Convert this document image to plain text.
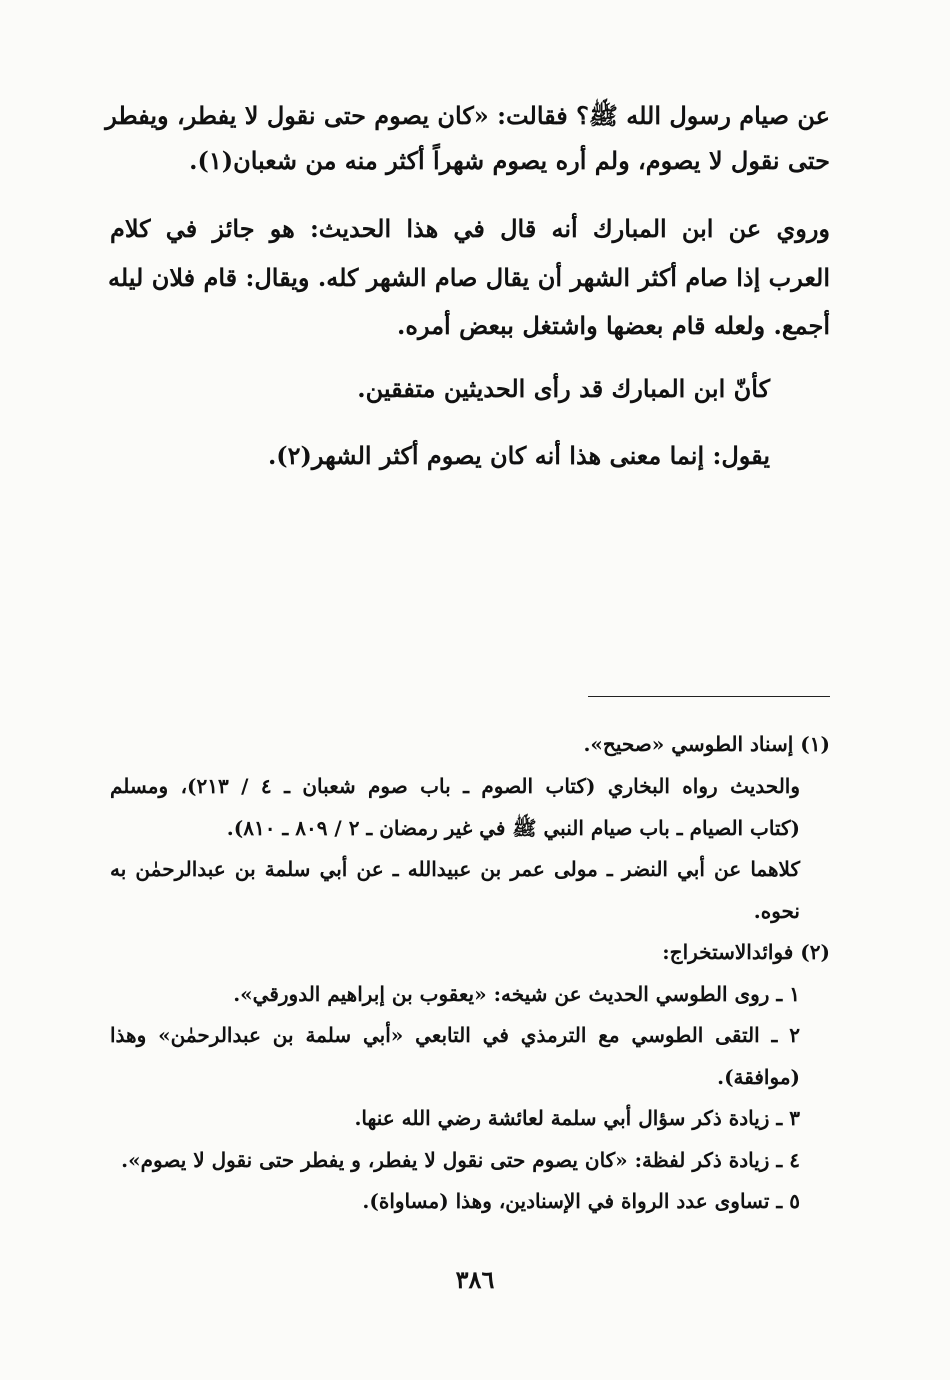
عن صيام رسول الله ﷺ؟ فقالت: «كان يصوم حتى نقول لا يفطر، ويفطر
حتى نقول لا يصوم، ولم أره يصوم شهراً أكثر منه من شعبان(١).
وروي عن ابن المبارك أنه قال في هذا الحديث: هو جائز في كلام
العرب إذا صام أكثر الشهر أن يقال صام الشهر كله. ويقال: قام فلان ليله
أجمع. ولعله قام بعضها واشتغل ببعض أمره.
كأنّ ابن المبارك قد رأى الحديثين متفقين.
يقول: إنما معنى هذا أنه كان يصوم أكثر الشهر(٢).
(١) إسناد الطوسي «صحيح».
والحديث رواه البخاري (كتاب الصوم ـ باب صوم شعبان ـ ٤ / ٢١٣)، ومسلم
(كتاب الصيام ـ باب صيام النبي ﷺ في غير رمضان ـ ٢ / ٨٠٩ ـ ٨١٠).
كلاهما عن أبي النضر ـ مولى عمر بن عبيدالله ـ عن أبي سلمة بن عبدالرحمٰن به
نحوه.
(٢) فوائدالاستخراج:
١ ـ روى الطوسي الحديث عن شيخه: «يعقوب بن إبراهيم الدورقي».
٢ ـ التقى الطوسي مع الترمذي في التابعي «أبي سلمة بن عبدالرحمٰن» وهذا
(موافقة).
٣ ـ زيادة ذكر سؤال أبي سلمة لعائشة رضي الله عنها.
٤ ـ زيادة ذكر لفظة: «كان يصوم حتى نقول لا يفطر، و يفطر حتى نقول لا يصوم».
٥ ـ تساوى عدد الرواة في الإسنادين، وهذا (مساواة).
٣٨٦
